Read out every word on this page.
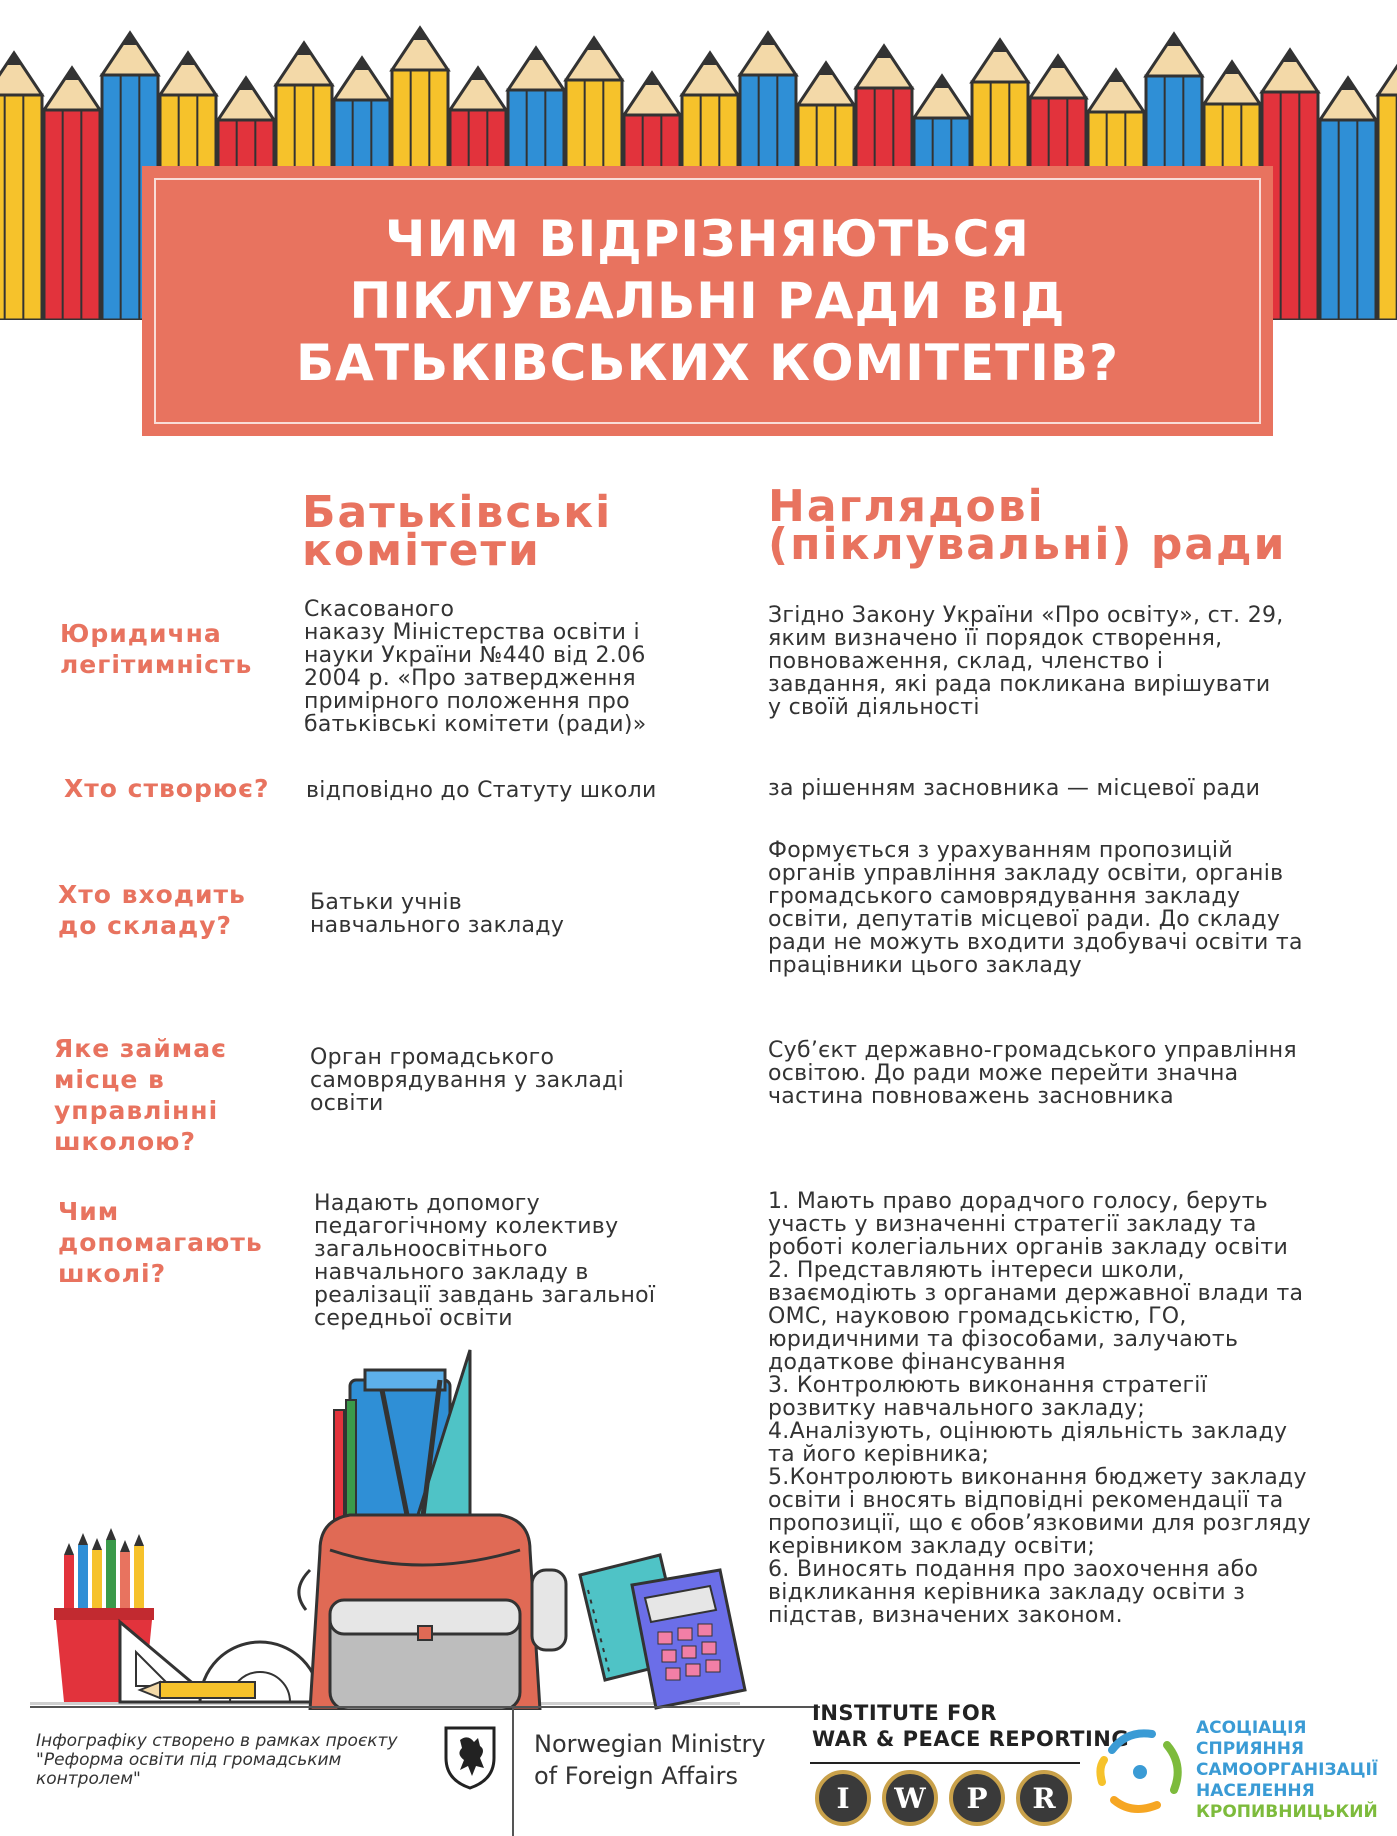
ЧИМ ВІДРІЗНЯЮТЬСЯ
ПІКЛУВАЛЬНІ РАДИ ВІД
БАТЬКІВСЬКИХ КОМІТЕТІВ?
Батьківські
комітети
Наглядові
(піклувальні) ради
Юридична
легітимність
Скасованого
наказу Міністерства освіти і
науки України №440 від 2.06
2004 р. «Про затвердження
примірного положення про
батьківські комітети (ради)»
Згідно Закону України «Про освіту», ст. 29,
яким визначено її порядок створення,
повноваження, склад, членство і
завдання, які рада покликана вирішувати
у своїй діяльності
Хто створює? відповідно до Статуту школи	за рішенням засновника — місцевої ради
Хто входить
до складу?
Батьки учнів
навчального закладу
Формується з урахуванням пропозицій
органів управління закладу освіти, органів
громадського самоврядування закладу
освіти, депутатів місцевої ради. До складу
ради не можуть входити здобувачі освіти та
працівники цього закладу
Яке займає
місце в
управлінні
школою?
Орган громадського
самоврядування у закладі
освіти
Суб’єкт державно-громадського управління
освітою. До ради може перейти значна
частина повноважень засновника
Чим
допомагають
школі?
Надають допомогу
педагогічному колективу
загальноосвітнього
навчального закладу в
реалізації завдань загальної
середньої освіти
1. Мають право дорадчого голосу, беруть
участь у визначенні стратегії закладу та
роботі колегіальних органів закладу освіти
2. Представляють інтереси школи,
взаємодіють з органами державної влади та
ОМС, науковою громадськістю, ГО,
юридичними та фізособами, залучають
додаткове фінансування
3. Контролюють виконання стратегії
розвитку навчального закладу;
4.Аналізують, оцінюють діяльність закладу
та його керівника;
5.Контролюють виконання бюджету закладу
освіти і вносять відповідні рекомендації та
пропозиції, що є обов’язковими для розгляду
керівником закладу освіти;
6. Виносять подання про заохочення або
відкликання керівника закладу освіти з
підстав, визначених законом.
Інфографіку створено в рамках проєкту
"Реформа освіти під громадським
контролем"
Norwegian Ministry
of Foreign Affairs
INSTITUTE FOR
WAR & PEACE REPORTING
I W P R
АСОЦІАЦІЯ
СПРИЯННЯ
САМООРГАНІЗАЦІЇ
НАСЕЛЕННЯ
КРОПИВНИЦЬКИЙ
